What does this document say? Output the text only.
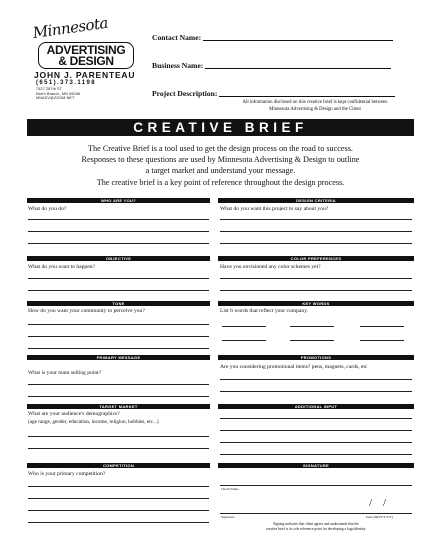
Minnesota
ADVERTISING
& DESIGN
JOHN J. PARENTEAU
(651).373.1198
7527 287th ST.
North Branch, MN 55056
MNADV@ZOOM.NET
Contact Name:
Business Name:
Project Description:
All information disclosed on this creative brief is kept confidential between
Minnesota Advertising & Design and the Client
CREATIVE BRIEF
The Creative Brief is a tool used to get the design process on the road to success.
Responses to these questions are used by Minnesota Advertising & Design to outline
a target market and understand your message.
The creative brief is a key point of reference throughout the design process.
WHO ARE YOU?
What do you do?
DESIGN CRITERIA
What do you want this project to say about you?
OBJECTIVE
What do you want to happen?
COLOR PREFERENCES
Have you envisioned any color schemes yet?
TONE
How do you want your community to perceive you?
KEY WORDS
List 6 words that reflect your company.
PRIMARY MESSAGE
What is your main selling point?
PROMOTIONS
Are you considering promotional items? pens, magnets, cards, etc
TARGET MARKET
What are your audience's demographics?
(age range, gender, education, income, religion, hobbies, etc...)
ADDITIONAL INPUT
COMPETITION
Who is your primary competition?
SIGNATURE
Client Name
/ /
Signature	Date (DD/YY/YY)
Signing indicates that client agrees and understands that the
creative brief is its sole reference point for developing a logo/identity.
